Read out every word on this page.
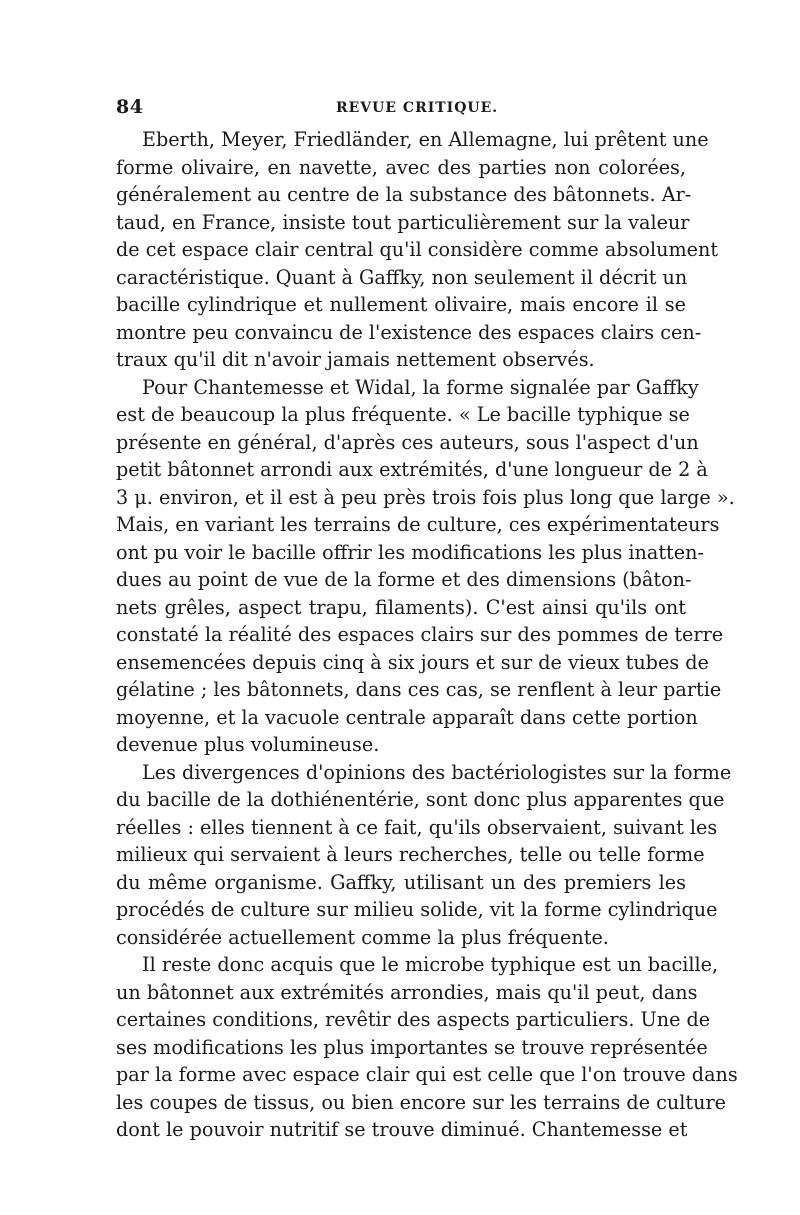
84	REVUE CRITIQUE.

Eberth, Meyer, Friedländer, en Allemagne, lui prêtent une
forme olivaire, en navette, avec des parties non colorées,
généralement au centre de la substance des bâtonnets. Ar-
taud, en France, insiste tout particulièrement sur la valeur
de cet espace clair central qu'il considère comme absolument
caractéristique. Quant à Gaffky, non seulement il décrit un
bacille cylindrique et nullement olivaire, mais encore il se
montre peu convaincu de l'existence des espaces clairs cen-
traux qu'il dit n'avoir jamais nettement observés.

Pour Chantemesse et Widal, la forme signalée par Gaffky
est de beaucoup la plus fréquente. « Le bacille typhique se
présente en général, d'après ces auteurs, sous l'aspect d'un
petit bâtonnet arrondi aux extrémités, d'une longueur de 2 à
3 μ. environ, et il est à peu près trois fois plus long que large ».
Mais, en variant les terrains de culture, ces expérimentateurs
ont pu voir le bacille offrir les modifications les plus inatten-
dues au point de vue de la forme et des dimensions (bâton-
nets grêles, aspect trapu, filaments). C'est ainsi qu'ils ont
constaté la réalité des espaces clairs sur des pommes de terre
ensemencées depuis cinq à six jours et sur de vieux tubes de
gélatine ; les bâtonnets, dans ces cas, se renflent à leur partie
moyenne, et la vacuole centrale apparaît dans cette portion
devenue plus volumineuse.

Les divergences d'opinions des bactériologistes sur la forme
du bacille de la dothiénentérie, sont donc plus apparentes que
réelles : elles tiennent à ce fait, qu'ils observaient, suivant les
milieux qui servaient à leurs recherches, telle ou telle forme
du même organisme. Gaffky, utilisant un des premiers les
procédés de culture sur milieu solide, vit la forme cylindrique
considérée actuellement comme la plus fréquente.

Il reste donc acquis que le microbe typhique est un bacille,
un bâtonnet aux extrémités arrondies, mais qu'il peut, dans
certaines conditions, revêtir des aspects particuliers. Une de
ses modifications les plus importantes se trouve représentée
par la forme avec espace clair qui est celle que l'on trouve dans
les coupes de tissus, ou bien encore sur les terrains de culture
dont le pouvoir nutritif se trouve diminué. Chantemesse et
